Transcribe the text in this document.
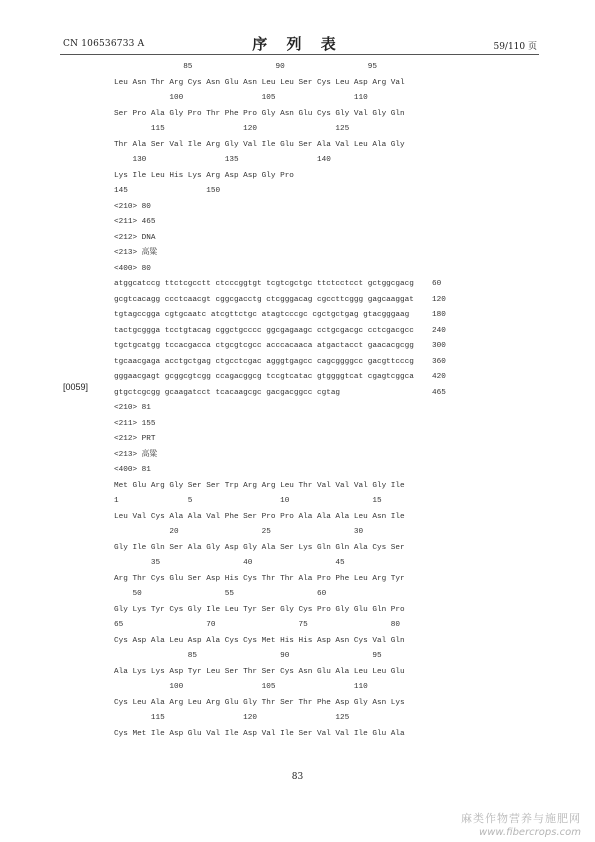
CN 106536733 A	序 列 表	59/110 页
[0059]
85                  90                  95
Leu Asn Thr Arg Cys Asn Glu Asn Leu Leu Ser Cys Leu Asp Arg Val
100                 105                 110
Ser Pro Ala Gly Pro Thr Phe Pro Gly Asn Glu Cys Gly Val Gly Gln
115                 120                 125
Thr Ala Ser Val Ile Arg Gly Val Ile Glu Ser Ala Val Leu Ala Gly
130                 135                 140
Lys Ile Leu His Lys Arg Asp Asp Gly Pro
145                 150
<210> 80
<211> 465
<212> DNA
<213> 高粱
<400> 80
atggcatccg ttctcgcctt ctcccggtgt tcgtcgctgc ttctcctcct gctggcgacg	60
gcgtcacagg ccctcaacgt cggcgacctg ctcgggacag cgccttcggg gagcaaggat	120
tgtagccgga cgtgcaatc atcgttctgc atagtcccgc cgctgctgag gtacgggaag	180
tactgcggga tcctgtacag cggctgcccc ggcgagaagc cctgcgacgc cctcgacgcc	240
tgctgcatgg tccacgacca ctgcgtcgcc acccacaaca atgactacct gaacacgcgg	300
tgcaacgaga acctgctgag ctgcctcgac agggtgagcc cagcggggcc gacgttcccg	360
gggaacgagt gcggcgtcgg ccagacggcg tccgtcatac gtggggtcat cgagtcggca	420
gtgctcgcgg gcaagatcct tcacaagcgc gacgacggcc cgtag	465
<210> 81
<211> 155
<212> PRT
<213> 高粱
<400> 81
Met Glu Arg Gly Ser Ser Trp Arg Arg Leu Thr Val Val Val Gly Ile
1               5                   10                  15
Leu Val Cys Ala Ala Val Phe Ser Pro Pro Ala Ala Ala Leu Asn Ile
20                  25                  30
Gly Ile Gln Ser Ala Gly Asp Gly Ala Ser Lys Gln Gln Ala Cys Ser
35                  40                  45
Arg Thr Cys Glu Ser Asp His Cys Thr Thr Ala Pro Phe Leu Arg Tyr
50                  55                  60
Gly Lys Tyr Cys Gly Ile Leu Tyr Ser Gly Cys Pro Gly Glu Gln Pro
65                  70                  75                  80
Cys Asp Ala Leu Asp Ala Cys Cys Met His His Asp Asn Cys Val Gln
85                  90                  95
Ala Lys Lys Asp Tyr Leu Ser Thr Ser Cys Asn Glu Ala Leu Leu Glu
100                 105                 110
Cys Leu Ala Arg Leu Arg Glu Gly Thr Ser Thr Phe Asp Gly Asn Lys
115                 120                 125
Cys Met Ile Asp Glu Val Ile Asp Val Ile Ser Val Val Ile Glu Ala
83
麻类作物营养与施肥网
www.fibercrops.com
